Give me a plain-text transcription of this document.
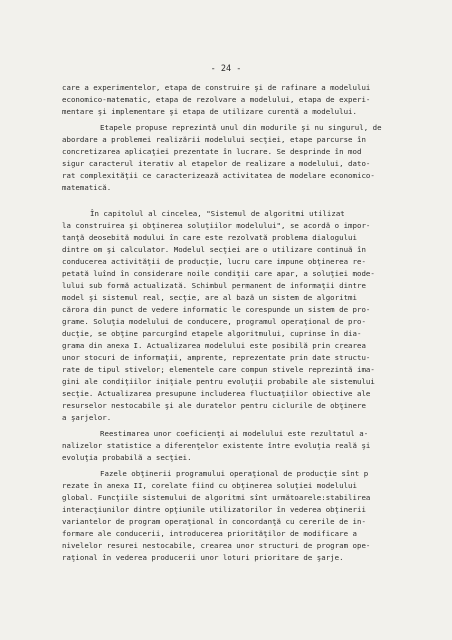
- 24 -
care a experimentelor, etapa de construire şi de rafinare a modelului
economico-matematic, etapa de rezolvare a modelului, etapa de experi-
mentare şi implementare şi etapa de utilizare curentă a modelului.
Etapele propuse reprezintă unul din modurile şi nu singurul, de
abordare a problemei realizării modelului secţiei, etape parcurse în
concretizarea aplicaţiei prezentate în lucrare. Se desprinde în mod
sigur caracterul iterativ al etapelor de realizare a modelului, dato-
rat complexităţii ce caracterizează activitatea de modelare economico-
matematică.
În capitolul al cincelea, "Sistemul de algoritmi utilizat
la construirea şi obţinerea soluţiilor modelului", se acordă o impor-
tanţă deosebită modului în care este rezolvată problema dialogului
dintre om şi calculator. Modelul secţiei are o utilizare continuă în
conducerea activităţii de producţie, lucru care impune obţinerea re-
petată luînd în considerare noile condiţii care apar, a soluţiei mode-
lului sub formă actualizată. Schimbul permanent de informaţii dintre
model şi sistemul real, secţie, are al bază un sistem de algoritmi
cărora din punct de vedere informatic le corespunde un sistem de pro-
grame. Soluţia modelului de conducere, programul operaţional de pro-
ducţie, se obţine parcurgînd etapele algoritmului, cuprinse în dia-
grama din anexa I. Actualizarea modelului este posibilă prin crearea
unor stocuri de informaţii, amprente, reprezentate prin date structu-
rate de tipul stivelor; elementele care compun stivele reprezintă ima-
gini ale condiţiilor iniţiale pentru evoluţii probabile ale sistemului
secţie. Actualizarea presupune includerea fluctuaţiilor obiective ale
resurselor nestocabile şi ale duratelor pentru ciclurile de obţinere
a şarjelor.
Reestimarea unor coeficienţi ai modelului este rezultatul a-
nalizelor statistice a diferenţelor existente între evoluţia reală şi
evoluţia probabilă a secţiei.
Fazele obţinerii programului operaţional de producţie sînt p
rezate în anexa II, corelate fiind cu obţinerea soluţiei modelului
global. Funcţiile sistemului de algoritmi sînt următoarele:stabilirea
interacţiunilor dintre opţiunile utilizatorilor în vederea obţinerii
variantelor de program operaţional în concordanţă cu cererile de in-
formare ale conducerii, introducerea priorităţilor de modificare a
nivelelor resurei nestocabile, crearea unor structuri de program ope-
raţional în vederea producerii unor loturi prioritare de şarje.
